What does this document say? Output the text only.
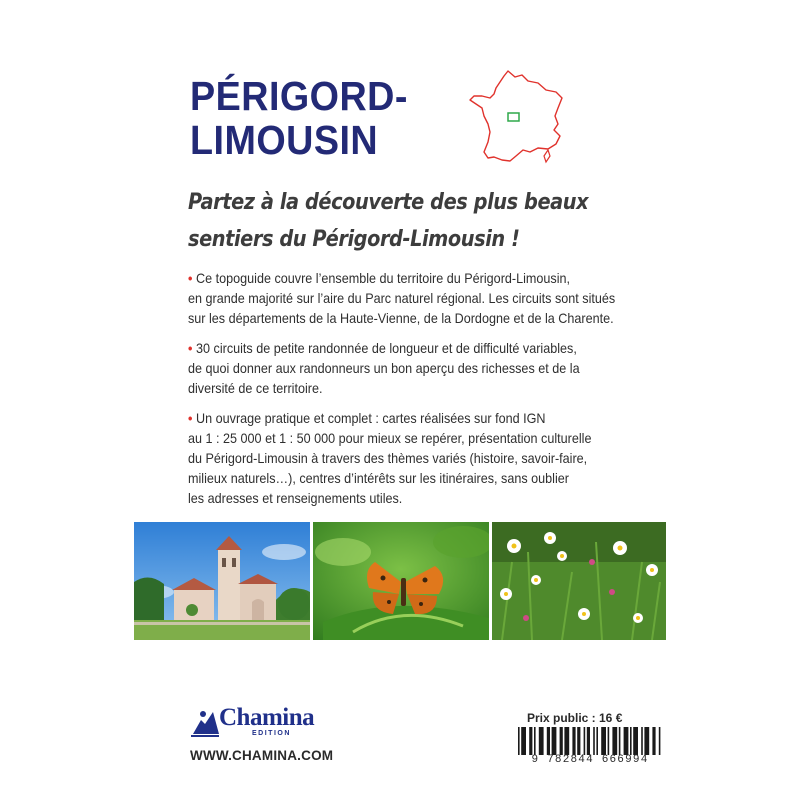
PÉRIGORD-
LIMOUSIN
Partez à la découverte des plus beaux
sentiers du Périgord-Limousin !
• Ce topoguide couvre l’ensemble du territoire du Périgord-Limousin,
en grande majorité sur l’aire du Parc naturel régional. Les circuits sont situés
sur les départements de la Haute-Vienne, de la Dordogne et de la Charente.
• 30 circuits de petite randonnée de longueur et de difficulté variables,
de quoi donner aux randonneurs un bon aperçu des richesses et de la
diversité de ce territoire.
• Un ouvrage pratique et complet : cartes réalisées sur fond IGN
au 1 : 25 000 et 1 : 50 000 pour mieux se repérer, présentation culturelle
du Périgord-Limousin à travers des thèmes variés (histoire, savoir-faire,
milieux naturels…), centres d’intérêts sur les itinéraires, sans oublier
les adresses et renseignements utiles.
Chamina
EDITION
WWW.CHAMINA.COM
Prix public : 16 €
9 782844 666994
